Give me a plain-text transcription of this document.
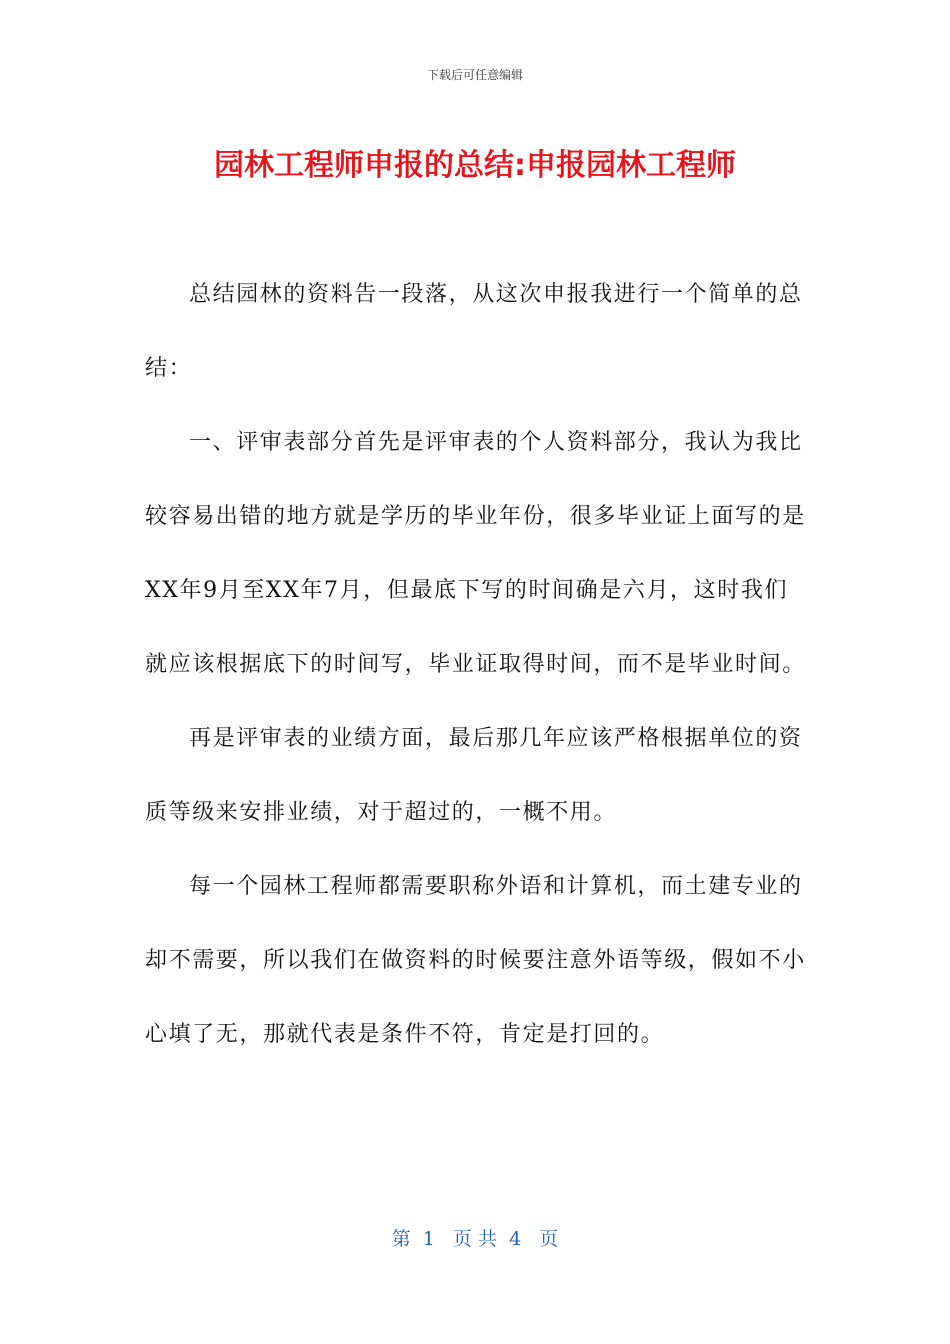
下载后可任意编辑
园林工程师申报的总结:申报园林工程师

总结园林的资料告一段落，从这次申报我进行一个简单的总结：

一、评审表部分首先是评审表的个人资料部分，我认为我比较容易出错的地方就是学历的毕业年份，很多毕业证上面写的是XX年9月至XX年7月，但最底下写的时间确是六月，这时我们就应该根据底下的时间写，毕业证取得时间，而不是毕业时间。

再是评审表的业绩方面，最后那几年应该严格根据单位的资质等级来安排业绩，对于超过的，一概不用。

每一个园林工程师都需要职称外语和计算机，而土建专业的却不需要，所以我们在做资料的时候要注意外语等级，假如不小心填了无，那就代表是条件不符，肯定是打回的。

第  1   页 共  4   页
